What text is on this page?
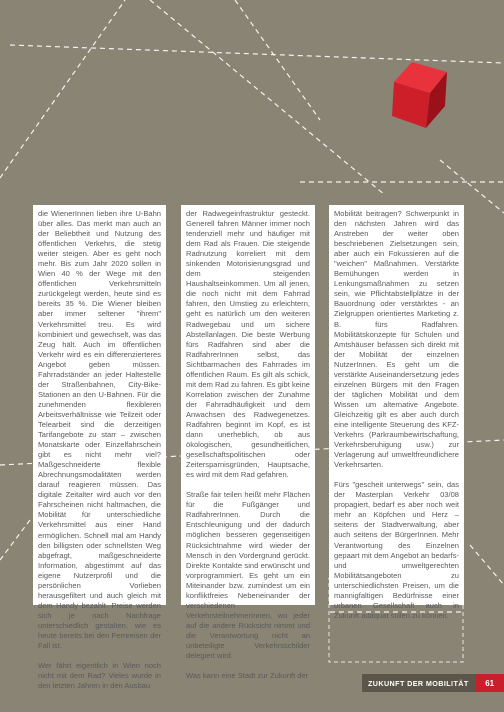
die WienerInnen lieben ihre U-Bahn über alles. Das merkt man auch an der Beliebtheit und Nutzung des öffentlichen Verkehrs, die stetig weiter steigen. Aber es geht noch mehr. Bis zum Jahr 2020 sollen in Wien 40 % der Wege mit den öffentlichen Verkehrsmitteln zurückgelegt werden, heute sind es bereits 35 %. Die Wiener bleiben aber immer seltener "ihrem" Verkehrsmittel treu. Es wird kombiniert und gewechselt, was das Zeug hält. Auch im öffentlichen Verkehr wird es ein differenzierteres Angebot geben müssen. Fahrradständer an jeder Haltestelle der Straßenbahnen, City-Bike-Stationen an den U-Bahnen. Für die zunehmenden flexibleren Arbeitsverhältnisse wie Teilzeit oder Telearbeit sind die derzeitigen Tarifangebote zu starr – zwischen Monatskarte oder Einzelfahrschein gibt es nicht mehr viel? Maßgeschneiderte flexible Abrechnungsmodalitäten werden darauf reagieren müssen. Das digitale Zeitalter wird auch vor den Fahrscheinen nicht haltmachen, die Mobilität für unterschiedliche Verkehrsmittel aus einer Hand ermöglichen. Schnell mal am Handy den billigsten oder schnellsten Weg abgefragt, maßgeschneiderte Information, abgestimmt auf das eigene Nutzerprofil und die persönlichen Vorlieben herausgefiltert und auch gleich mit dem Handy bezahlt. Preise werden sich je nach Nachfrage unterschiedlich gestalten, wie es heute bereits bei den Fernreisen der Fall ist.

Wer fährt eigentlich in Wien noch nicht mit dem Rad? Vieles wurde in den letzten Jahren in den Ausbau

der Radwegeinfrastruktur gesteckt. Generell fahren Männer immer noch tendenziell mehr und häufiger mit dem Rad als Frauen. Die steigende Radnutzung korreliert mit dem sinkenden Motorisierungsgrad und dem steigenden Haushaltseinkommen. Um all jenen, die noch nicht mit dem Fahrrad fahren, den Umstieg zu erleichtern, geht es natürlich um den weiteren Radwegebau und um sichere Abstellanlagen. Die beste Werbung fürs Radfahren sind aber die RadfahrerInnen selbst, das Sichtbarmachen des Fahrrades im öffentlichen Raum. Es gilt als schick, mit dem Rad zu fahren. Es gibt keine Korrelation zwischen der Zunahme der Fahrradhäufigkeit und dem Anwachsen des Radwegenetzes. Radfahren beginnt im Kopf, es ist dann unerheblich, ob aus ökologischen, gesundheitlichen, gesellschaftspolitischen oder Zeitersparnisgründen, Hauptsache, es wird mit dem Rad gefahren.

Straße fair teilen heißt mehr Flächen für die Fußgänger und RadfahrerInnen. Durch die Entschleunigung und der dadurch möglichen besseren gegenseitigen Rücksichtnahme wird wieder der Mensch in den Vordergrund gerückt. Direkte Kontakte sind erwünscht und vorprogrammiert. Es geht um ein Miteinander bzw. zumindest um ein konfliktfreies Nebeneinander der verschiedenen VerkehrsteilnehmerInnen, wo jeder auf die andere Rücksicht nimmt und die Verantwortung nicht an unbeteiligte Verkehrsschilder delegiert wird.

Was kann eine Stadt zur Zukunft der

Mobilität beitragen? Schwerpunkt in den nächsten Jahren wird das Anstreben der weiter oben beschriebenen Zielsetzungen sein, aber auch ein Fokussieren auf die "weichen" Maßnahmen. Verstärkte Bemühungen werden in Lenkungsmaßnahmen zu setzen sein, wie Pflichtabstellplätze in der Bauordnung oder verstärktes - an Zielgruppen orientiertes Marketing z. B. fürs Radfahren. Mobilitätskonzepte für Schulen und Amtshäuser befassen sich direkt mit der Mobilität der einzelnen NutzerInnen. Es geht um die verstärkte Auseinandersetzung jedes einzelnen Bürgers mit den Fragen der täglichen Mobilität und dem Wissen um alternative Angebote. Gleichzeitig gilt es aber auch durch eine intelligente Steuerung des KFZ-Verkehrs (Parkraumbewirtschaftung, Verkehrsberuhigung usw.) zur Verlagerung auf umweltfreundlichere Verkehrsarten.

Fürs "gescheit unterwegs" sein, das der Masterplan Verkehr 03/08 propagiert, bedarf es aber noch weit mehr an Köpfchen und Herz – seitens der Stadtverwaltung, aber auch seitens der BürgerInnen. Mehr Verantwortung des Einzelnen gepaart mit dem Angebot an bedarfs- und umweltgerechten Mobilitätsangeboten zu unterschiedlichsten Preisen, um die mannigfaltigen Bedürfnisse einer urbanen Gesellschaft auch in Zukunft adäquat stillen zu können.

ZUKUNFT DER MOBILITÄT	61
